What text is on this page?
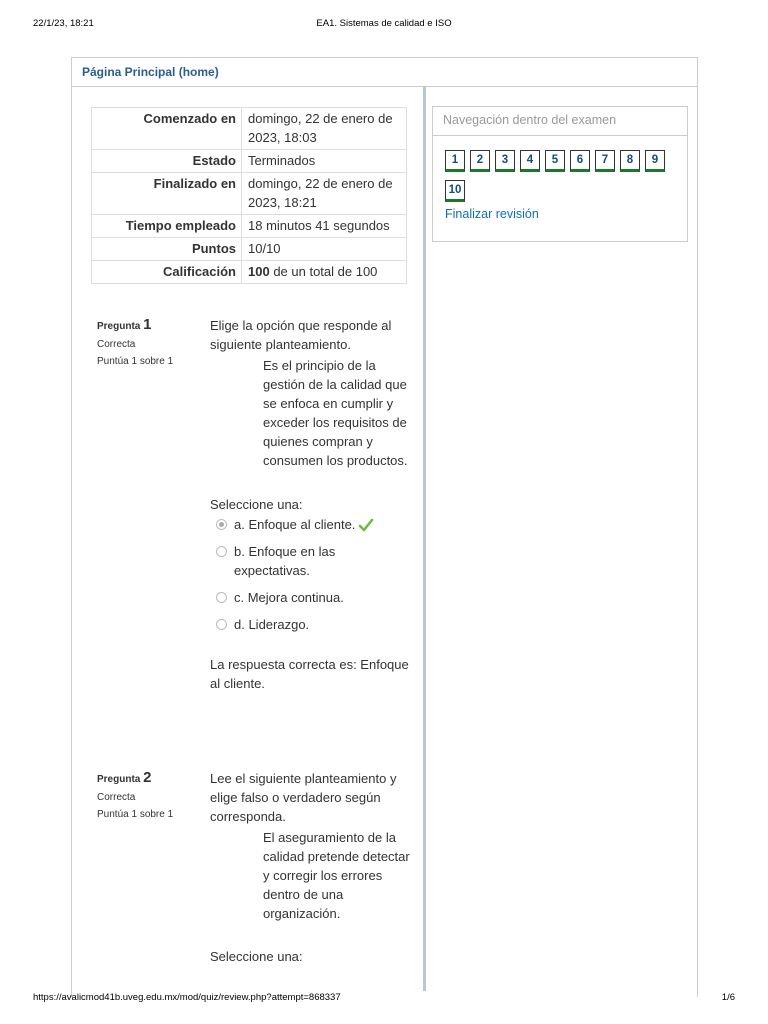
22/1/23, 18:21	EA1. Sistemas de calidad e ISO
Página Principal (home)
Comenzado en	domingo, 22 de enero de 2023, 18:03
Estado	Terminados
Finalizado en	domingo, 22 de enero de 2023, 18:21
Tiempo empleado	18 minutos 41 segundos
Puntos	10/10
Calificación	100 de un total de 100
Navegación dentro del examen
1	2	3	4	5	6	7	8	9
10
Finalizar revisión
Pregunta 1
Correcta
Puntúa 1 sobre 1
Elige la opción que responde al siguiente planteamiento.
Es el principio de la gestión de la calidad que se enfoca en cumplir y exceder los requisitos de quienes compran y consumen los productos.
Seleccione una:
a. Enfoque al cliente.
b. Enfoque en las expectativas.
c. Mejora continua.
d. Liderazgo.
La respuesta correcta es: Enfoque al cliente.
Pregunta 2
Correcta
Puntúa 1 sobre 1
Lee el siguiente planteamiento y elige falso o verdadero según corresponda.
El aseguramiento de la calidad pretende detectar y corregir los errores dentro de una organización.
Seleccione una:
https://avalicmod41b.uveg.edu.mx/mod/quiz/review.php?attempt=868337	1/6
